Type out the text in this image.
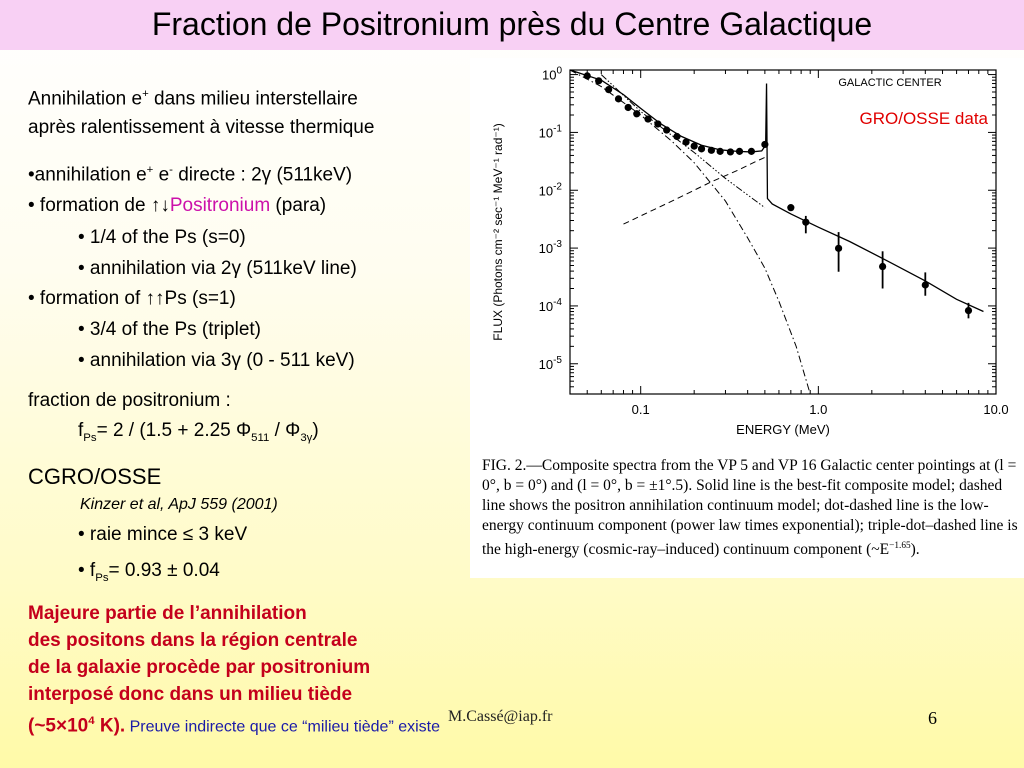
Fraction de Positronium près du Centre Galactique
Annihilation e+ dans milieu interstellaire
après ralentissement à vitesse thermique
•annihilation e+ e- directe : 2γ (511keV)
• formation de ↑↓Positronium (para)
• 1/4 of the Ps (s=0)
• annihilation via 2γ (511keV line)
• formation of ↑↑Ps (s=1)
• 3/4 of the Ps (triplet)
• annihilation via 3γ (0 - 511 keV)
fraction de positronium :
$f_{Ps}= 2 / (1.5 + 2.25$ $\Phi_{511} / \Phi_{3\gamma}$)
CGRO/OSSE
Kinzer et al, ApJ 559 (2001)
• raie mince ≤ 3 keV
• $f_{Ps}= 0.93 \pm 0.04$
Majeure partie de l’annihilation
des positons dans la région centrale
de la galaxie procède par positronium
interposé donc dans un milieu tiède
($\sim 5\times 10^4$ K). Preuve indirecte que ce “milieu tiède” existe
0.1	1.0	10.0
$10^0$
$10^{-1}$
$10^{-2}$
$10^{-3}$
$10^{-4}$
$10^{-5}$
ENERGY (MeV)
FLUX (Photons cm⁻² sec⁻¹ MeV⁻¹ rad⁻¹)
GALACTIC CENTER
GRO/OSSE data
FIG. 2.—Composite spectra from the VP 5 and VP 16 Galactic center pointings at (l = 0°, b = 0°) and (l = 0°, b = ±1°.5). Solid line is the best-fit composite model; dashed line shows the positron annihilation continuum model; dot-dashed line is the low-energy continuum component (power law times exponential); triple-dot–dashed line is the high-energy (cosmic-ray–induced) continuum component $(\sim E^{-1.65})$.
M.Cassé@iap.fr	6
